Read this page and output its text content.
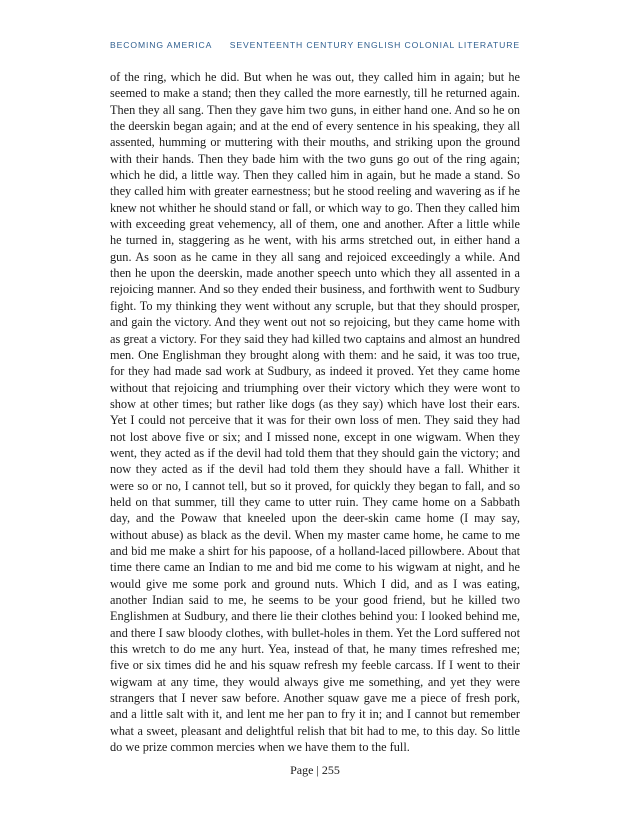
BECOMING AMERICA SEVENTEENTH CENTURY ENGLISH COLONIAL LITERATURE

of the ring, which he did. But when he was out, they called him in again; but he seemed to make a stand; then they called the more earnestly, till he returned again. Then they all sang. Then they gave him two guns, in either hand one. And so he on the deerskin began again; and at the end of every sentence in his speaking, they all assented, humming or muttering with their mouths, and striking upon the ground with their hands. Then they bade him with the two guns go out of the ring again; which he did, a little way. Then they called him in again, but he made a stand. So they called him with greater earnestness; but he stood reeling and wavering as if he knew not whither he should stand or fall, or which way to go. Then they called him with exceeding great vehemency, all of them, one and another. After a little while he turned in, staggering as he went, with his arms stretched out, in either hand a gun. As soon as he came in they all sang and rejoiced exceedingly a while. And then he upon the deerskin, made another speech unto which they all assented in a rejoicing manner. And so they ended their business, and forthwith went to Sudbury fight. To my thinking they went without any scruple, but that they should prosper, and gain the victory. And they went out not so rejoicing, but they came home with as great a victory. For they said they had killed two captains and almost an hundred men. One Englishman they brought along with them: and he said, it was too true, for they had made sad work at Sudbury, as indeed it proved. Yet they came home without that rejoicing and triumphing over their victory which they were wont to show at other times; but rather like dogs (as they say) which have lost their ears. Yet I could not perceive that it was for their own loss of men. They said they had not lost above five or six; and I missed none, except in one wigwam. When they went, they acted as if the devil had told them that they should gain the victory; and now they acted as if the devil had told them they should have a fall. Whither it were so or no, I cannot tell, but so it proved, for quickly they began to fall, and so held on that summer, till they came to utter ruin. They came home on a Sabbath day, and the Powaw that kneeled upon the deer-skin came home (I may say, without abuse) as black as the devil. When my master came home, he came to me and bid me make a shirt for his papoose, of a holland-laced pillowbere. About that time there came an Indian to me and bid me come to his wigwam at night, and he would give me some pork and ground nuts. Which I did, and as I was eating, another Indian said to me, he seems to be your good friend, but he killed two Englishmen at Sudbury, and there lie their clothes behind you: I looked behind me, and there I saw bloody clothes, with bullet-holes in them. Yet the Lord suffered not this wretch to do me any hurt. Yea, instead of that, he many times refreshed me; five or six times did he and his squaw refresh my feeble carcass. If I went to their wigwam at any time, they would always give me something, and yet they were strangers that I never saw before. Another squaw gave me a piece of fresh pork, and a little salt with it, and lent me her pan to fry it in; and I cannot but remember what a sweet, pleasant and delightful relish that bit had to me, to this day. So little do we prize common mercies when we have them to the full.

Page | 255
